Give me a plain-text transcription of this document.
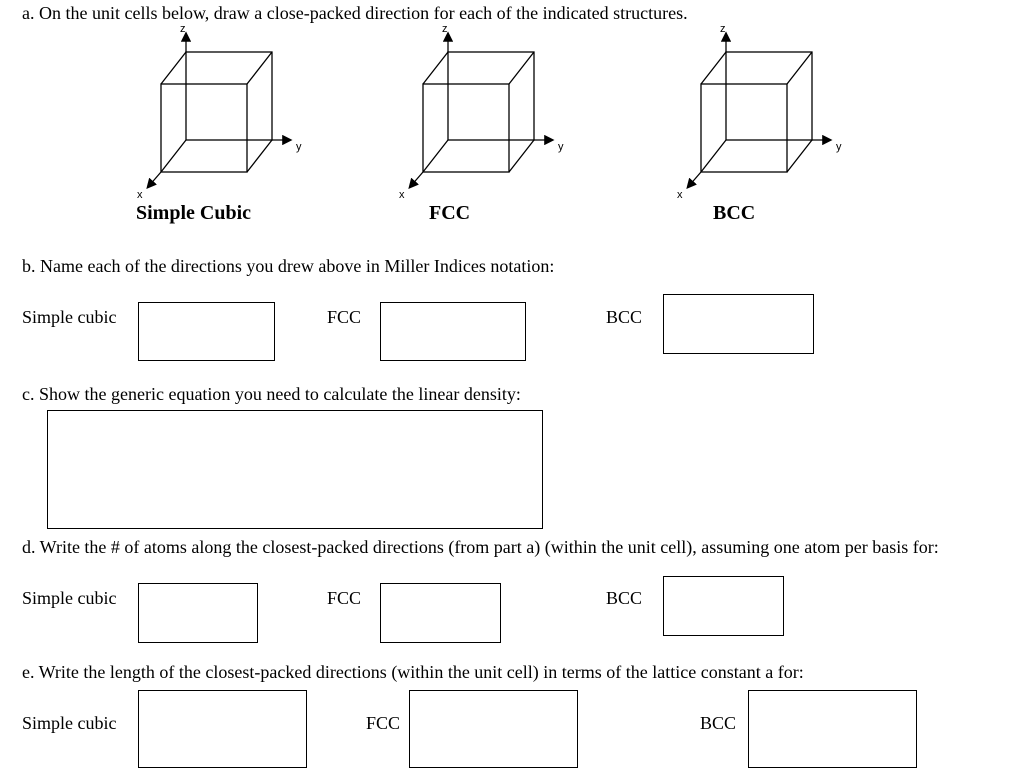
a. On the unit cells below, draw a close-packed direction for each of the indicated structures.
z
y
x
Simple Cubic
z
y
x
FCC
z
y
x
BCC
b. Name each of the directions you drew above in Miller Indices notation:
Simple cubic	FCC	BCC
c. Show the generic equation you need to calculate the linear density:
d. Write the # of atoms along the closest-packed directions (from part a) (within the unit cell), assuming one atom per basis for:
Simple cubic	FCC	BCC
e. Write the length of the closest-packed directions (within the unit cell) in terms of the lattice constant a for:
Simple cubic	FCC	BCC
